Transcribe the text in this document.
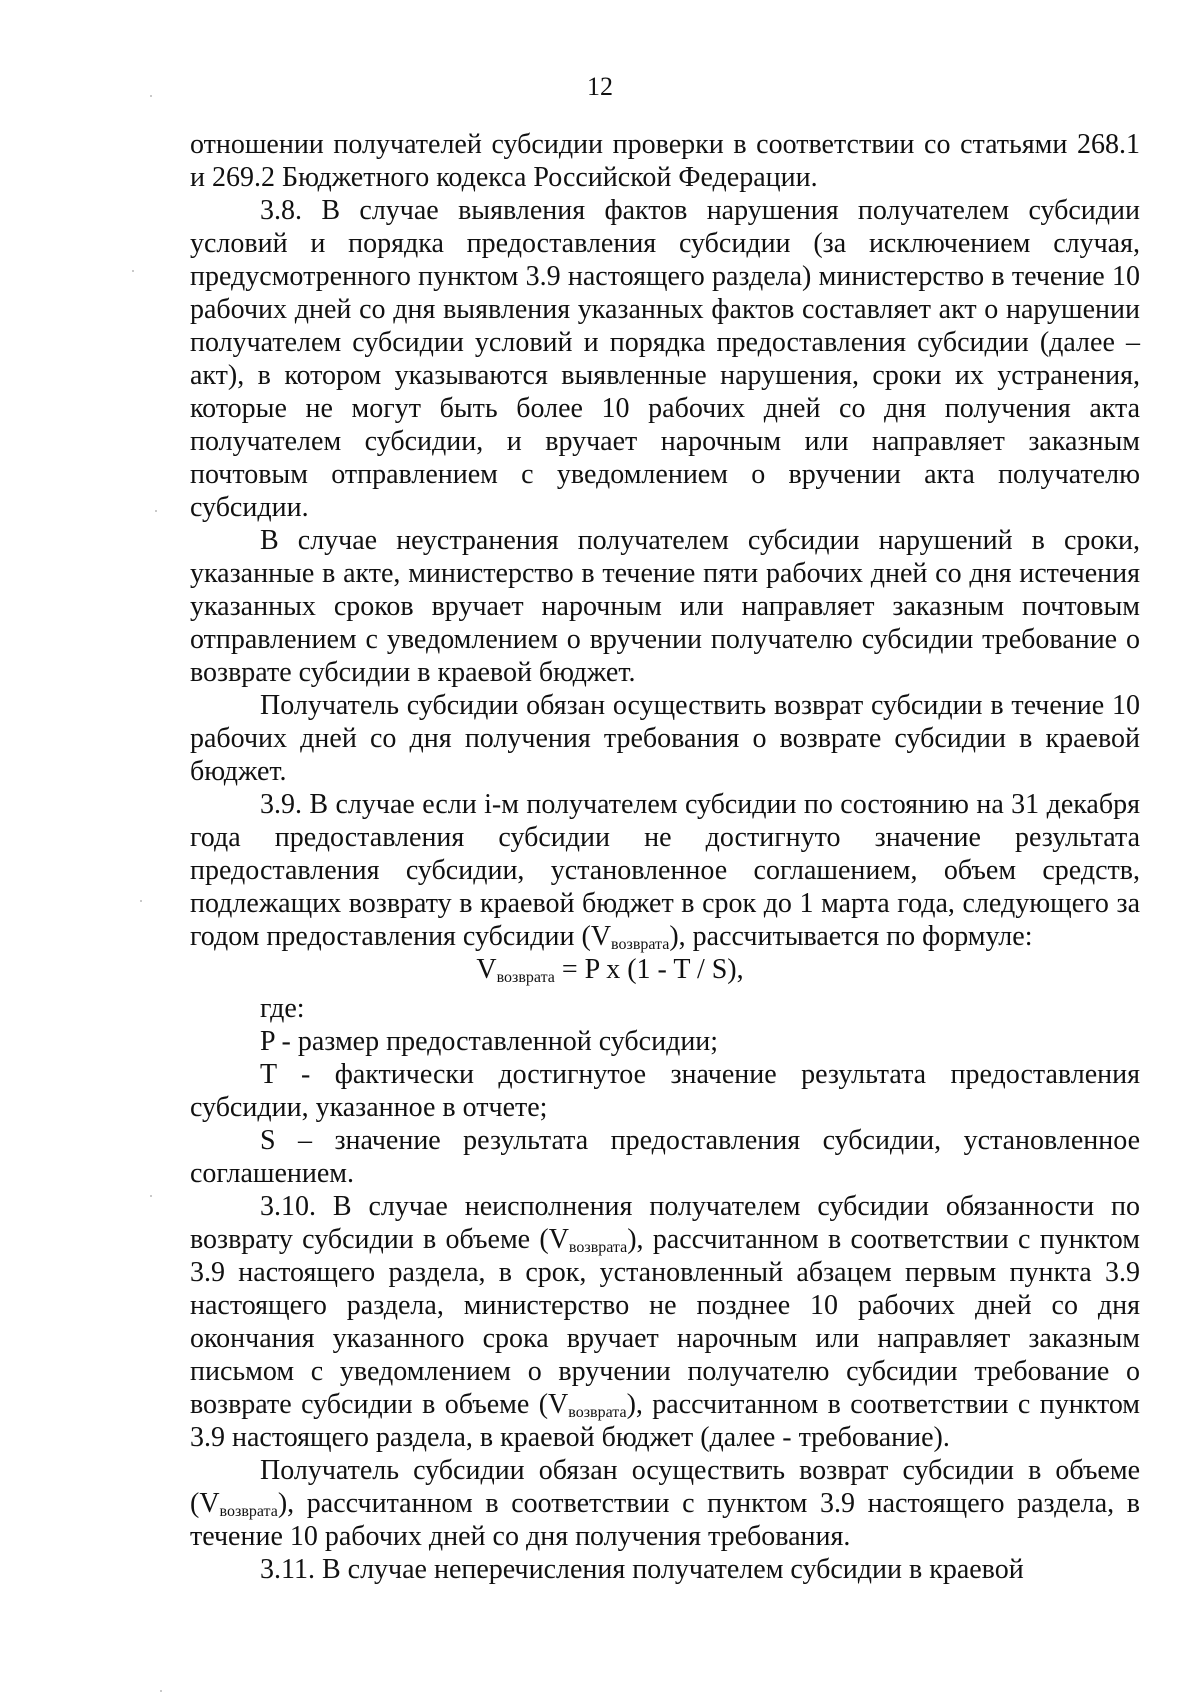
12

отношении получателей субсидии проверки в соответствии со статьями 268.1 и 269.2 Бюджетного кодекса Российской Федерации.

3.8. В случае выявления фактов нарушения получателем субсидии условий и порядка предоставления субсидии (за исключением случая, предусмотренного пунктом 3.9 настоящего раздела) министерство в течение 10 рабочих дней со дня выявления указанных фактов составляет акт о нарушении получателем субсидии условий и порядка предоставления субсидии (далее – акт), в котором указываются выявленные нарушения, сроки их устранения, которые не могут быть более 10 рабочих дней со дня получения акта получателем субсидии, и вручает нарочным или направляет заказным почтовым отправлением с уведомлением о вручении акта получателю субсидии.

В случае неустранения получателем субсидии нарушений в сроки, указанные в акте, министерство в течение пяти рабочих дней со дня истечения указанных сроков вручает нарочным или направляет заказным почтовым отправлением с уведомлением о вручении получателю субсидии требование о возврате субсидии в краевой бюджет.

Получатель субсидии обязан осуществить возврат субсидии в течение 10 рабочих дней со дня получения требования о возврате субсидии в краевой бюджет.

3.9. В случае если i-м получателем субсидии по состоянию на 31 декабря года предоставления субсидии не достигнуто значение результата предоставления субсидии, установленное соглашением, объем средств, подлежащих возврату в краевой бюджет в срок до 1 марта года, следующего за годом предоставления субсидии $(V_{возврата})$, рассчитывается по формуле:

$V_{возврата} = P$ x (1 - T / S),

где:

P - размер предоставленной субсидии;

T - фактически достигнутое значение результата предоставления субсидии, указанное в отчете;

S – значение результата предоставления субсидии, установленное соглашением.

3.10. В случае неисполнения получателем субсидии обязанности по возврату субсидии в объеме $(V_{возврата})$, рассчитанном в соответствии с пунктом 3.9 настоящего раздела, в срок, установленный абзацем первым пункта 3.9 настоящего раздела, министерство не позднее 10 рабочих дней со дня окончания указанного срока вручает нарочным или направляет заказным письмом с уведомлением о вручении получателю субсидии требование о возврате субсидии в объеме $(V_{возврата})$, рассчитанном в соответствии с пунктом 3.9 настоящего раздела, в краевой бюджет (далее - требование).

Получатель субсидии обязан осуществить возврат субсидии в объеме $(V_{возврата})$, рассчитанном в соответствии с пунктом 3.9 настоящего раздела, в течение 10 рабочих дней со дня получения требования.

3.11. В случае неперечисления получателем субсидии в краевой
